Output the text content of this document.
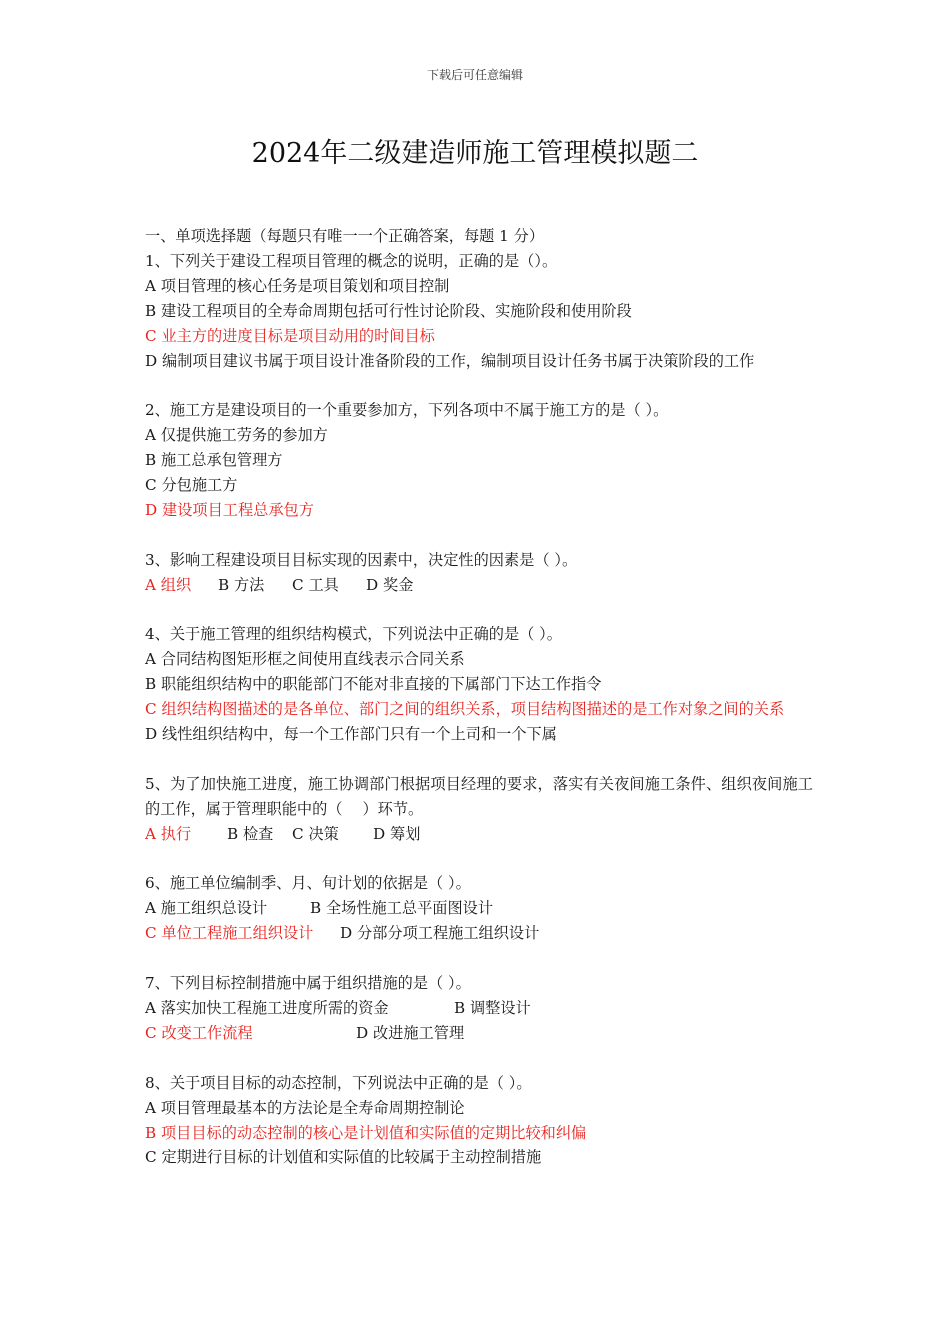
下载后可任意编辑
2024年二级建造师施工管理模拟题二
一、单项选择题（每题只有唯一一个正确答案，每题 1 分）
1、下列关于建设工程项目管理的概念的说明，正确的是（）。
A 项目管理的核心任务是项目策划和项目控制
B 建设工程项目的全寿命周期包括可行性讨论阶段、实施阶段和使用阶段
C 业主方的进度目标是项目动用的时间目标
D 编制项目建议书属于项目设计准备阶段的工作，编制项目设计任务书属于决策阶段的工作
2、施工方是建设项目的一个重要参加方，下列各项中不属于施工方的是（ ）。
A 仅提供施工劳务的参加方
B 施工总承包管理方
C 分包施工方
D 建设项目工程总承包方
3、影响工程建设项目目标实现的因素中，决定性的因素是（ ）。
A 组织 B 方法 C 工具 D 奖金
4、关于施工管理的组织结构模式，下列说法中正确的是（ ）。
A 合同结构图矩形框之间使用直线表示合同关系
B 职能组织结构中的职能部门不能对非直接的下属部门下达工作指令
C 组织结构图描述的是各单位、部门之间的组织关系，项目结构图描述的是工作对象之间的关系
D 线性组织结构中，每一个工作部门只有一个上司和一个下属
5、为了加快施工进度，施工协调部门根据项目经理的要求，落实有关夜间施工条件、组织夜间施工的工作，属于管理职能中的（　 ）环节。
A 执行 B 检查 C 决策 D 筹划
6、施工单位编制季、月、旬计划的依据是（ ）。
A 施工组织总设计	B 全场性施工总平面图设计
C 单位工程施工组织设计 D 分部分项工程施工组织设计
7、下列目标控制措施中属于组织措施的是（ ）。
A 落实加快工程施工进度所需的资金	B 调整设计
C 改变工作流程	D 改进施工管理
8、关于项目目标的动态控制，下列说法中正确的是（ ）。
A 项目管理最基本的方法论是全寿命周期控制论
B 项目目标的动态控制的核心是计划值和实际值的定期比较和纠偏
C 定期进行目标的计划值和实际值的比较属于主动控制措施
